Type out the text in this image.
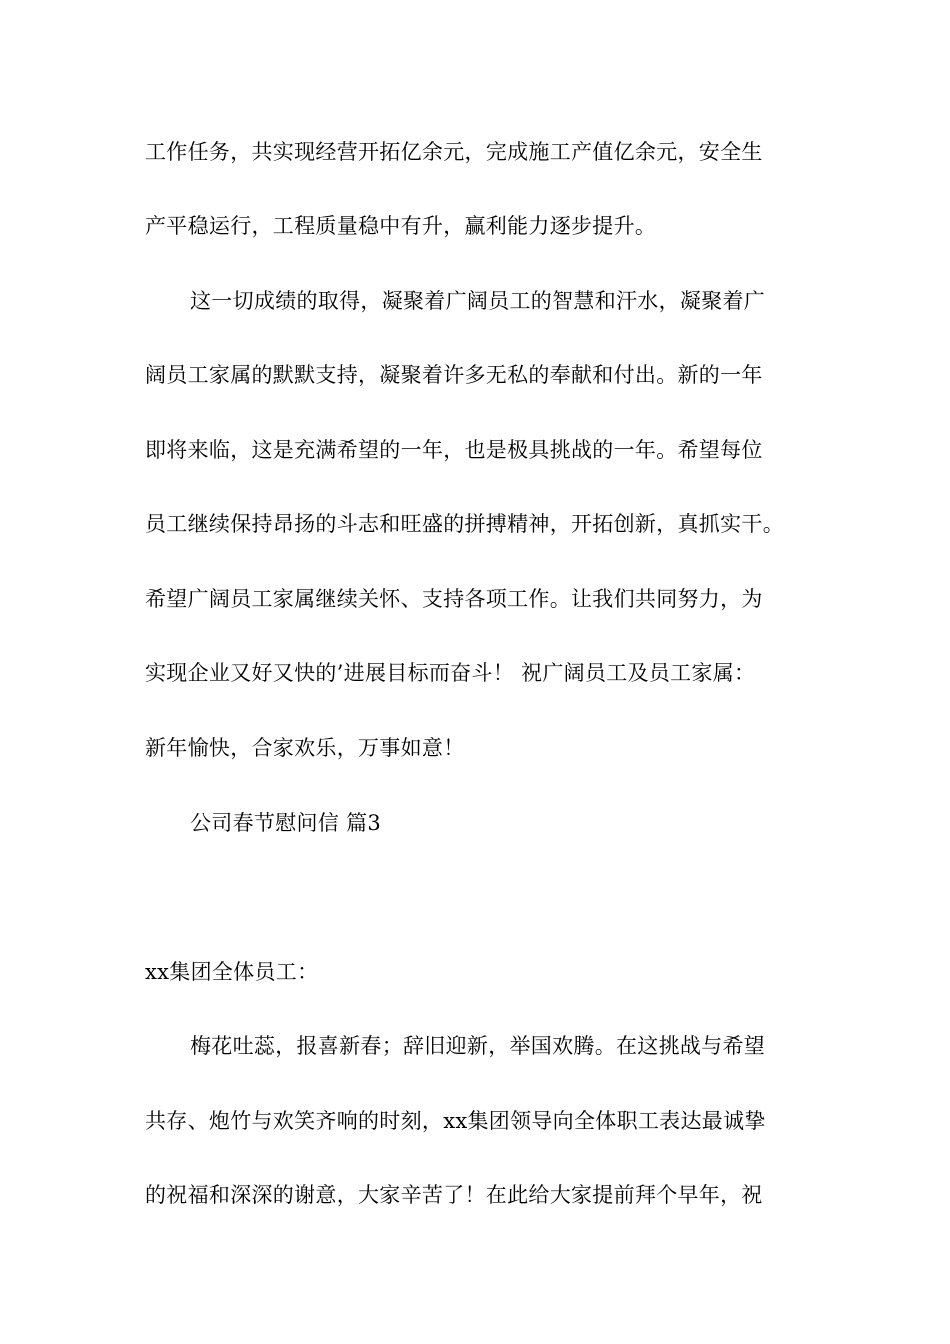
工作任务，共实现经营开拓亿余元，完成施工产值亿余元，安全生
产平稳运行，工程质量稳中有升，赢利能力逐步提升。
这一切成绩的取得，凝聚着广阔员工的智慧和汗水，凝聚着广
阔员工家属的默默支持，凝聚着许多无私的奉献和付出。新的一年
即将来临，这是充满希望的一年，也是极具挑战的一年。希望每位
员工继续保持昂扬的斗志和旺盛的拼搏精神，开拓创新，真抓实干。
希望广阔员工家属继续关怀、支持各项工作。让我们共同努力，为
实现企业又好又快的’进展目标而奋斗！ 祝广阔员工及员工家属：
新年愉快，合家欢乐，万事如意！
公司春节慰问信 篇3
xx集团全体员工：
梅花吐蕊，报喜新春；辞旧迎新，举国欢腾。在这挑战与希望
共存、炮竹与欢笑齐响的时刻，xx集团领导向全体职工表达最诚挚
的祝福和深深的谢意，大家辛苦了！在此给大家提前拜个早年，祝
